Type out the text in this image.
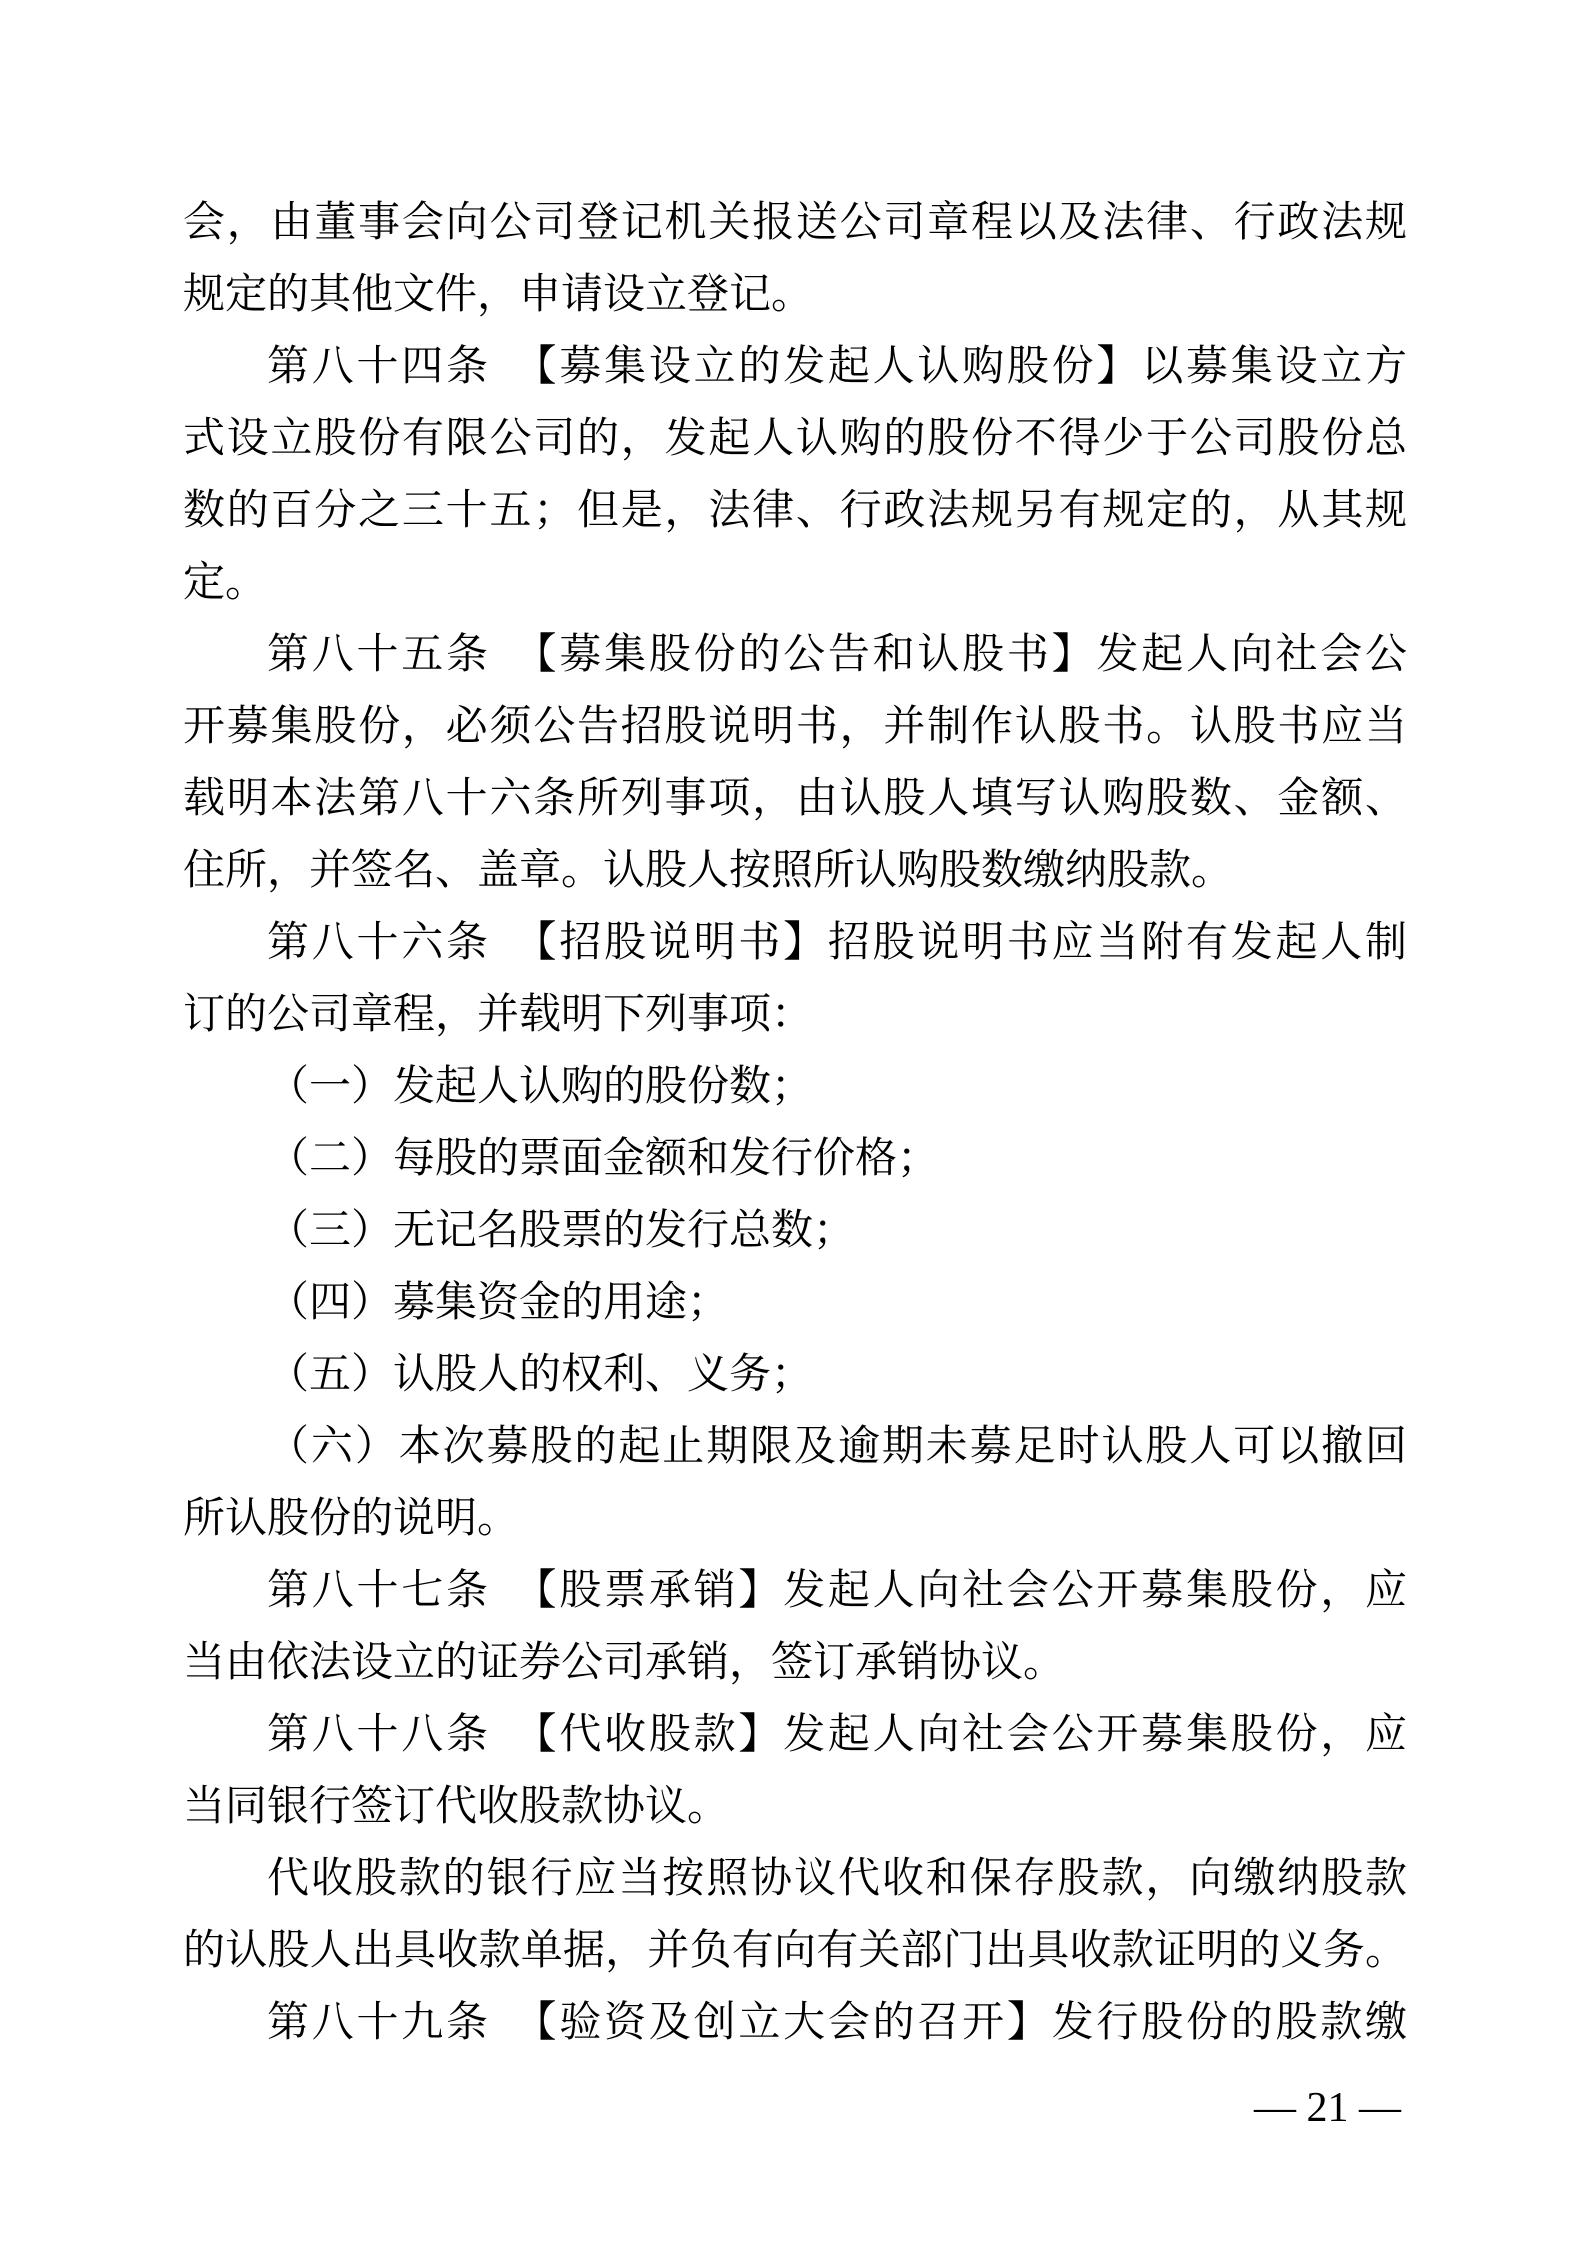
会，由董事会向公司登记机关报送公司章程以及法律、行政法规
规定的其他文件，申请设立登记。
第八十四条　【募集设立的发起人认购股份】以募集设立方
式设立股份有限公司的，发起人认购的股份不得少于公司股份总
数的百分之三十五；但是，法律、行政法规另有规定的，从其规
定。
第八十五条　【募集股份的公告和认股书】发起人向社会公
开募集股份，必须公告招股说明书，并制作认股书。认股书应当
载明本法第八十六条所列事项，由认股人填写认购股数、金额、
住所，并签名、盖章。认股人按照所认购股数缴纳股款。
第八十六条　【招股说明书】招股说明书应当附有发起人制
订的公司章程，并载明下列事项：
（一）发起人认购的股份数；
（二）每股的票面金额和发行价格；
（三）无记名股票的发行总数；
（四）募集资金的用途；
（五）认股人的权利、义务；
（六）本次募股的起止期限及逾期未募足时认股人可以撤回
所认股份的说明。
第八十七条　【股票承销】发起人向社会公开募集股份，应
当由依法设立的证券公司承销，签订承销协议。
第八十八条　【代收股款】发起人向社会公开募集股份，应
当同银行签订代收股款协议。
代收股款的银行应当按照协议代收和保存股款，向缴纳股款
的认股人出具收款单据，并负有向有关部门出具收款证明的义务。
第八十九条　【验资及创立大会的召开】发行股份的股款缴
— 21 —
